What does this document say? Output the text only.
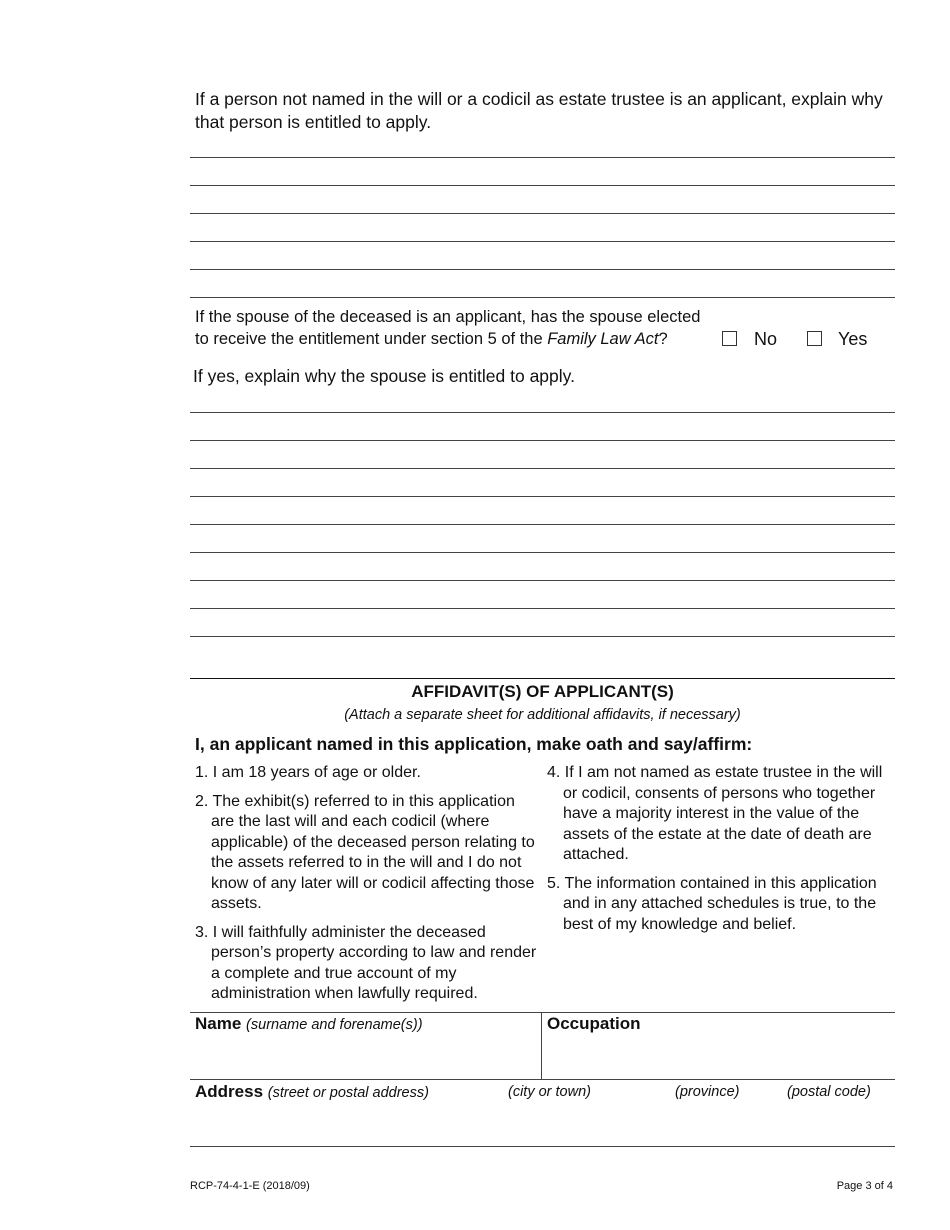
If a person not named in the will or a codicil as estate trustee is an applicant, explain why that person is entitled to apply.
If the spouse of the deceased is an applicant, has the spouse elected
to receive the entitlement under section 5 of the Family Law Act?	No	Yes
If yes, explain why the spouse is entitled to apply.
AFFIDAVIT(S) OF APPLICANT(S)
(Attach a separate sheet for additional affidavits, if necessary)
I, an applicant named in this application, make oath and say/affirm:
1. I am 18 years of age or older.
2. The exhibit(s) referred to in this application are the last will and each codicil (where applicable) of the deceased person relating to the assets referred to in the will and I do not know of any later will or codicil affecting those assets.
3. I will faithfully administer the deceased person’s property according to law and render a complete and true account of my administration when lawfully required.
4. If I am not named as estate trustee in the will or codicil, consents of persons who together have a majority interest in the value of the assets of the estate at the date of death are attached.
5. The information contained in this application and in any attached schedules is true, to the best of my knowledge and belief.
Name (surname and forename(s))	Occupation
Address (street or postal address)	(city or town)	(province)	(postal code)
RCP-74-4-1-E (2018/09)	Page 3 of 4
